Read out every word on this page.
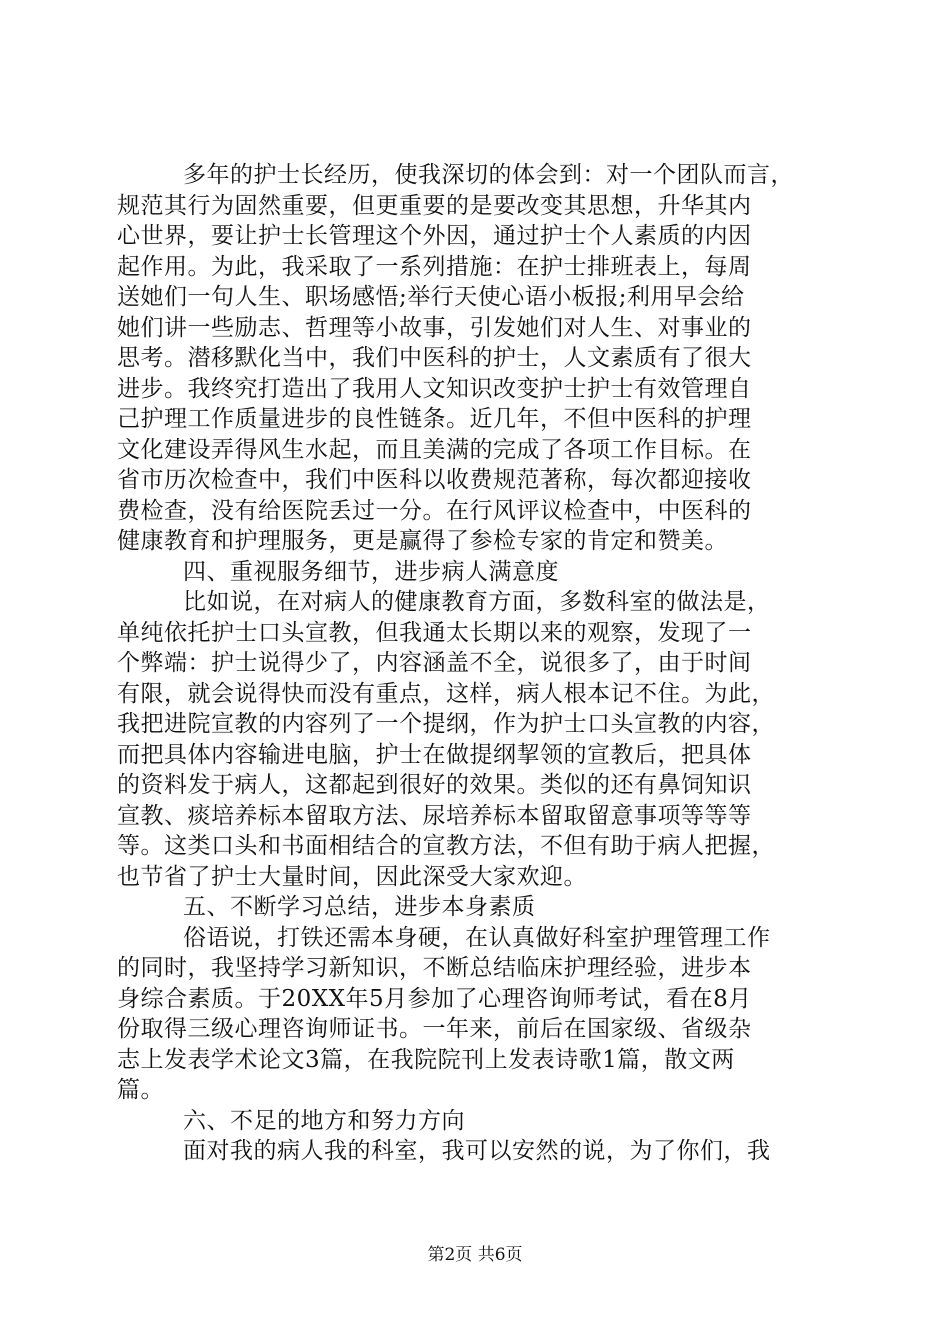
多年的护士长经历，使我深切的体会到：对一个团队而言，
规范其行为固然重要，但更重要的是要改变其思想，升华其内
心世界，要让护士长管理这个外因，通过护士个人素质的内因
起作用。为此，我采取了一系列措施：在护士排班表上，每周
送她们一句人生、职场感悟;举行天使心语小板报;利用早会给
她们讲一些励志、哲理等小故事，引发她们对人生、对事业的
思考。潜移默化当中，我们中医科的护士，人文素质有了很大
进步。我终究打造出了我用人文知识改变护士护士有效管理自
己护理工作质量进步的良性链条。近几年，不但中医科的护理
文化建设弄得风生水起，而且美满的完成了各项工作目标。在
省市历次检查中，我们中医科以收费规范著称，每次都迎接收
费检查，没有给医院丢过一分。在行风评议检查中，中医科的
健康教育和护理服务，更是赢得了参检专家的肯定和赞美。
四、重视服务细节，进步病人满意度
比如说，在对病人的健康教育方面，多数科室的做法是，
单纯依托护士口头宣教，但我通太长期以来的观察，发现了一
个弊端：护士说得少了，内容涵盖不全，说很多了，由于时间
有限，就会说得快而没有重点，这样，病人根本记不住。为此，
我把进院宣教的内容列了一个提纲，作为护士口头宣教的内容，
而把具体内容输进电脑，护士在做提纲挈领的宣教后，把具体
的资料发于病人，这都起到很好的效果。类似的还有鼻饲知识
宣教、痰培养标本留取方法、尿培养标本留取留意事项等等等
等。这类口头和书面相结合的宣教方法，不但有助于病人把握，
也节省了护士大量时间，因此深受大家欢迎。
五、不断学习总结，进步本身素质
俗语说，打铁还需本身硬，在认真做好科室护理管理工作
的同时，我坚持学习新知识，不断总结临床护理经验，进步本
身综合素质。于20XX年5月参加了心理咨询师考试，看在8月
份取得三级心理咨询师证书。一年来，前后在国家级、省级杂
志上发表学术论文3篇，在我院院刊上发表诗歌1篇，散文两
篇。
六、不足的地方和努力方向
面对我的病人我的科室，我可以安然的说，为了你们，我
第2页 共6页
